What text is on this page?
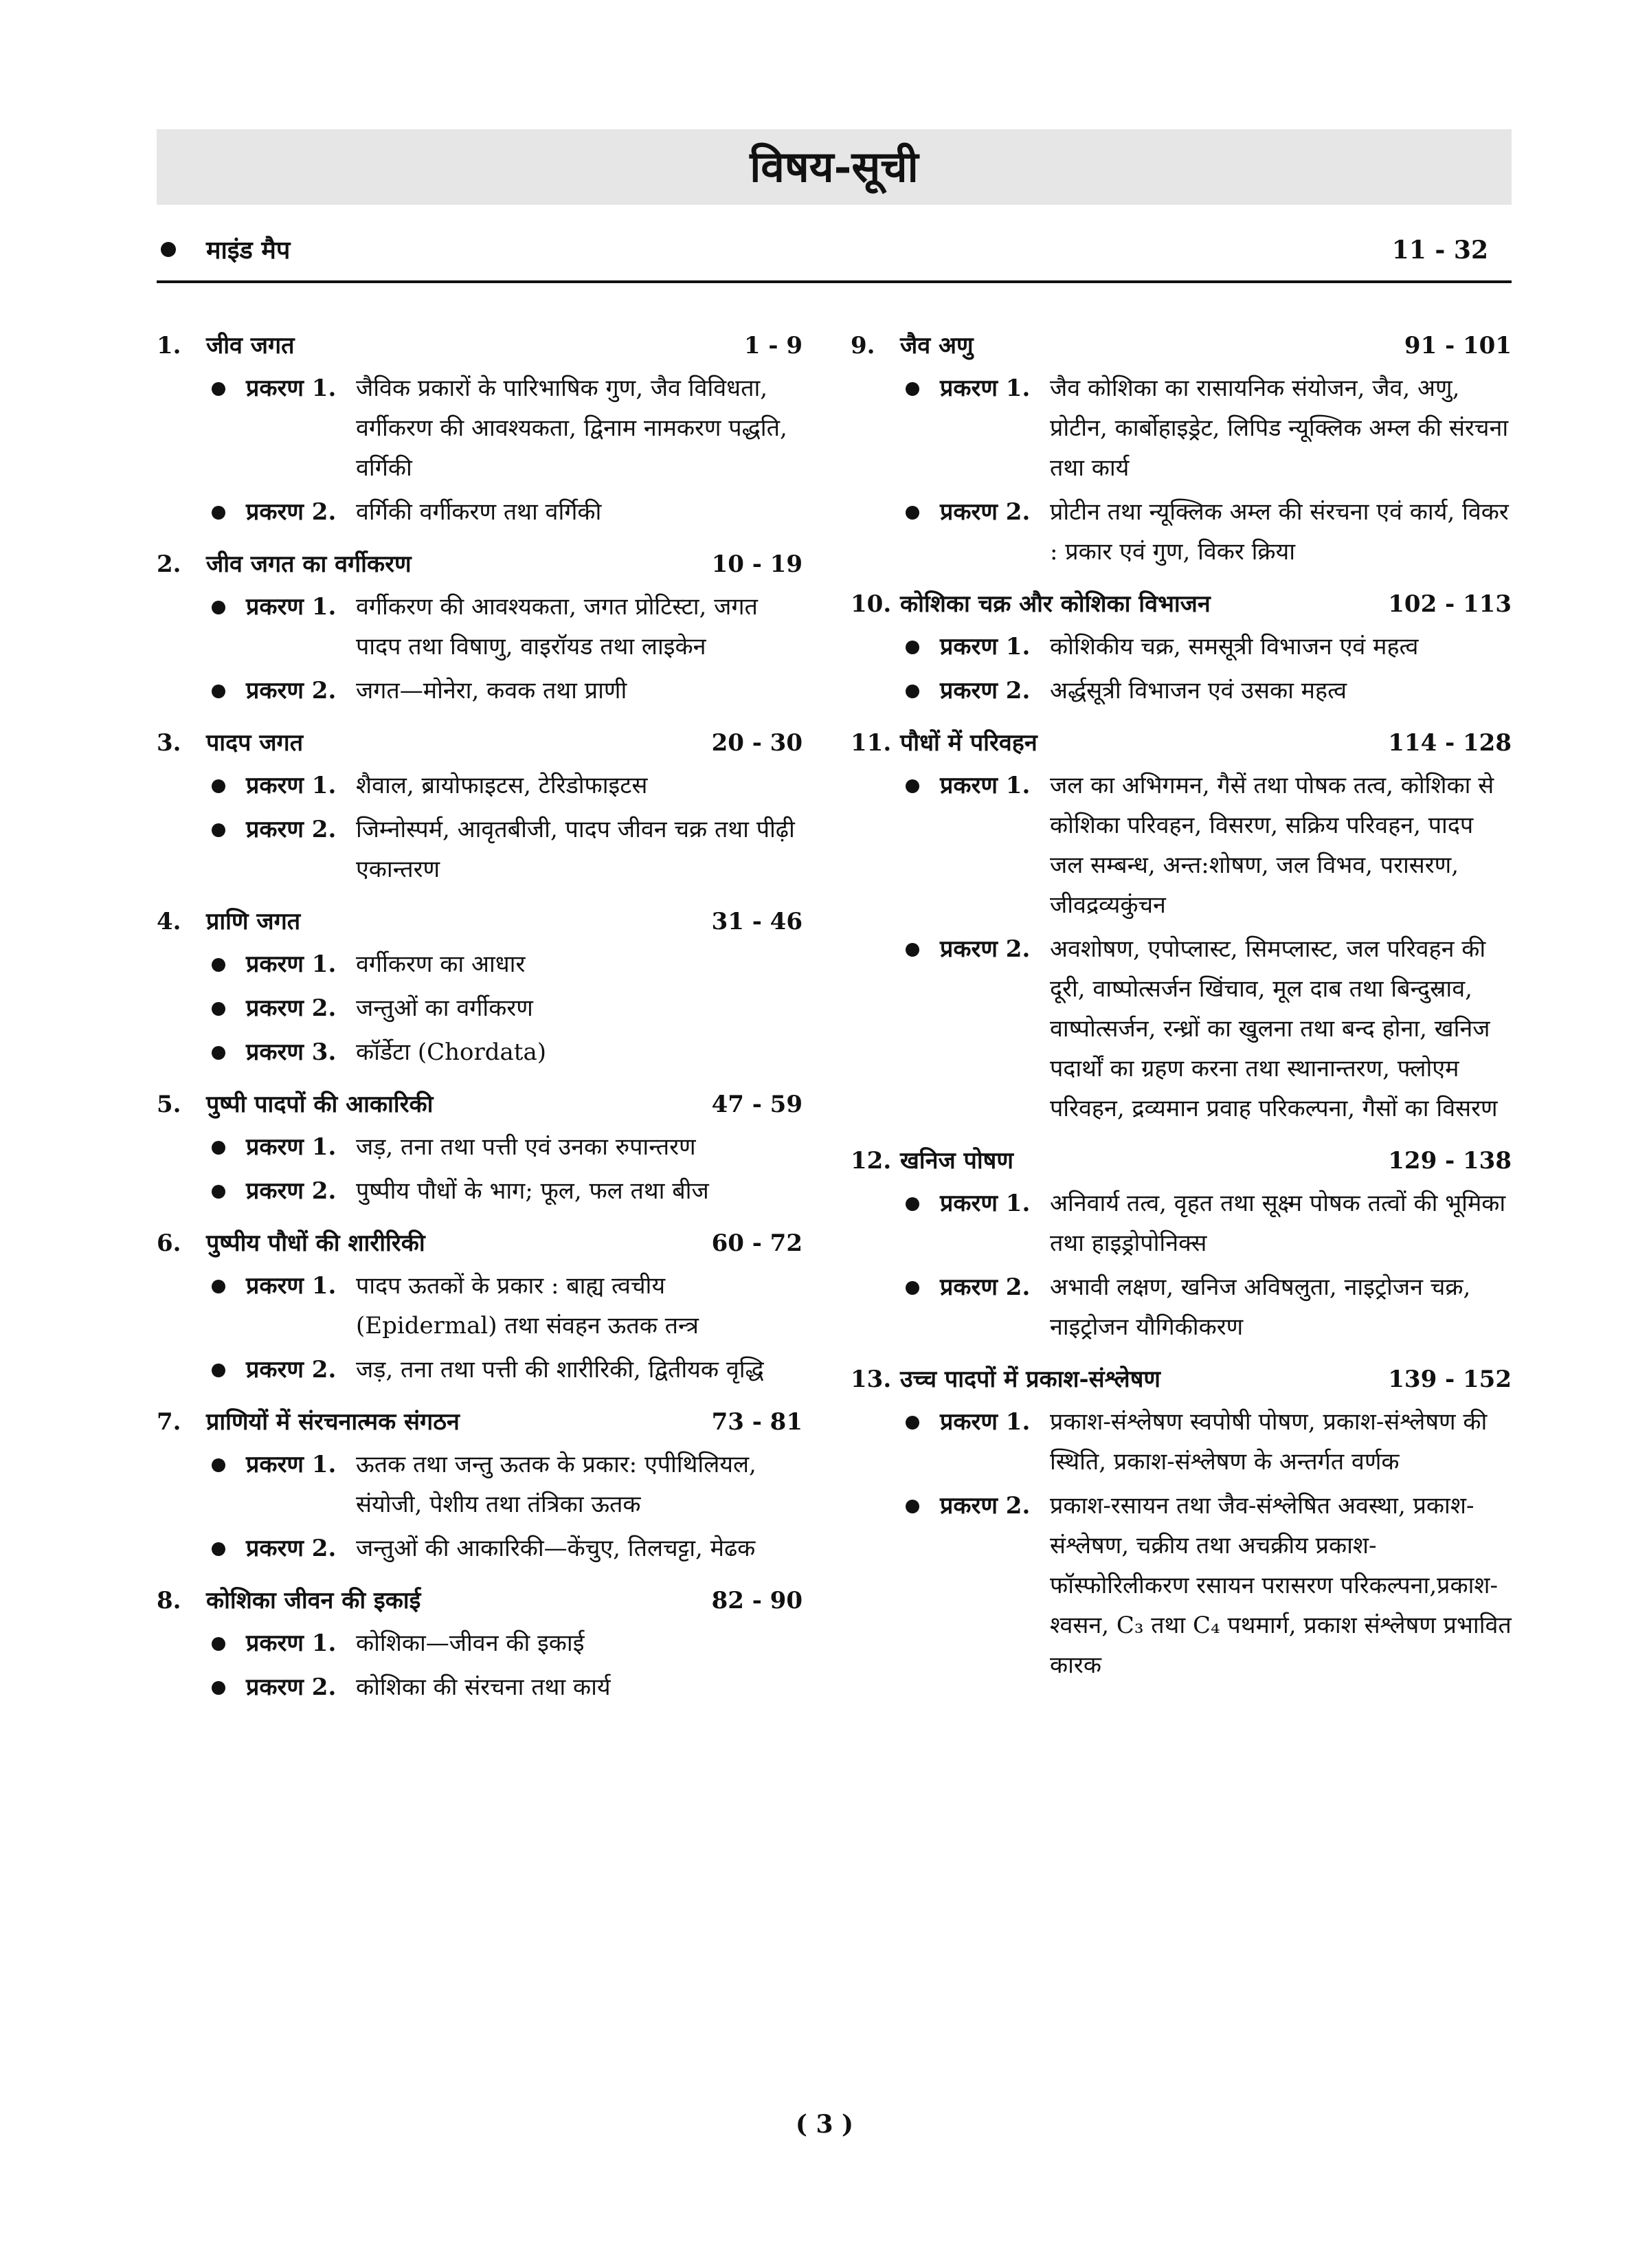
विषय-सूची
माइंड मैप	11 - 32
1. जीव जगत	1 - 9
प्रकरण 1. जैविक प्रकारों के पारिभाषिक गुण, जैव विविधता, वर्गीकरण की आवश्यकता, द्विनाम नामकरण पद्धति, वर्गिकी
प्रकरण 2. वर्गिकी वर्गीकरण तथा वर्गिकी
2. जीव जगत का वर्गीकरण	10 - 19
प्रकरण 1. वर्गीकरण की आवश्यकता, जगत प्रोटिस्टा, जगत पादप तथा विषाणु, वाइरॉयड तथा लाइकेन
प्रकरण 2. जगत—मोनेरा, कवक तथा प्राणी
3. पादप जगत	20 - 30
प्रकरण 1. शैवाल, ब्रायोफाइटस, टेरिडोफाइटस
प्रकरण 2. जिम्नोस्पर्म, आवृतबीजी, पादप जीवन चक्र तथा पीढ़ी एकान्तरण
4. प्राणि जगत	31 - 46
प्रकरण 1. वर्गीकरण का आधार
प्रकरण 2. जन्तुओं का वर्गीकरण
प्रकरण 3. कॉर्डेटा (Chordata)
5. पुष्पी पादपों की आकारिकी	47 - 59
प्रकरण 1. जड़, तना तथा पत्ती एवं उनका रुपान्तरण
प्रकरण 2. पुष्पीय पौधों के भाग; फूल, फल तथा बीज
6. पुष्पीय पौधों की शारीरिकी	60 - 72
प्रकरण 1. पादप ऊतकों के प्रकार : बाह्य त्वचीय (Epidermal) तथा संवहन ऊतक तन्त्र
प्रकरण 2. जड़, तना तथा पत्ती की शारीरिकी, द्वितीयक वृद्धि
7. प्राणियों में संरचनात्मक संगठन	73 - 81
प्रकरण 1. ऊतक तथा जन्तु ऊतक के प्रकार: एपीथिलियल, संयोजी, पेशीय तथा तंत्रिका ऊतक
प्रकरण 2. जन्तुओं की आकारिकी—केंचुए, तिलचट्टा, मेढक
8. कोशिका जीवन की इकाई	82 - 90
प्रकरण 1. कोशिका—जीवन की इकाई
प्रकरण 2. कोशिका की संरचना तथा कार्य
9. जैव अणु	91 - 101
प्रकरण 1. जैव कोशिका का रासायनिक संयोजन, जैव, अणु, प्रोटीन, कार्बोहाइड्रेट, लिपिड न्यूक्लिक अम्ल की संरचना तथा कार्य
प्रकरण 2. प्रोटीन तथा न्यूक्लिक अम्ल की संरचना एवं कार्य, विकर : प्रकार एवं गुण, विकर क्रिया
10. कोशिका चक्र और कोशिका विभाजन	102 - 113
प्रकरण 1. कोशिकीय चक्र, समसूत्री विभाजन एवं महत्व
प्रकरण 2. अर्द्धसूत्री विभाजन एवं उसका महत्व
11. पौधों में परिवहन	114 - 128
प्रकरण 1. जल का अभिगमन, गैसें तथा पोषक तत्व, कोशिका से कोशिका परिवहन, विसरण, सक्रिय परिवहन, पादप जल सम्बन्ध, अन्त:शोषण, जल विभव, परासरण, जीवद्रव्यकुंचन
प्रकरण 2. अवशोषण, एपोप्लास्ट, सिमप्लास्ट, जल परिवहन की दूरी, वाष्पोत्सर्जन खिंचाव, मूल दाब तथा बिन्दुस्राव, वाष्पोत्सर्जन, रन्ध्रों का खुलना तथा बन्द होना, खनिज पदार्थों का ग्रहण करना तथा स्थानान्तरण, फ्लोएम परिवहन, द्रव्यमान प्रवाह परिकल्पना, गैसों का विसरण
12. खनिज पोषण	129 - 138
प्रकरण 1. अनिवार्य तत्व, वृहत तथा सूक्ष्म पोषक तत्वों की भूमिका तथा हाइड्रोपोनिक्स
प्रकरण 2. अभावी लक्षण, खनिज अविषलुता, नाइट्रोजन चक्र, नाइट्रोजन यौगिकीकरण
13. उच्च पादपों में प्रकाश-संश्लेषण	139 - 152
प्रकरण 1. प्रकाश-संश्लेषण स्वपोषी पोषण, प्रकाश-संश्लेषण की स्थिति, प्रकाश-संश्लेषण के अन्तर्गत वर्णक
प्रकरण 2. प्रकाश-रसायन तथा जैव-संश्लेषित अवस्था, प्रकाश-संश्लेषण, चक्रीय तथा अचक्रीय प्रकाश-फॉस्फोरिलीकरण रसायन परासरण परिकल्पना,प्रकाश-श्वसन, C₃ तथा C₄ पथमार्ग, प्रकाश संश्लेषण प्रभावित कारक
( 3 )
